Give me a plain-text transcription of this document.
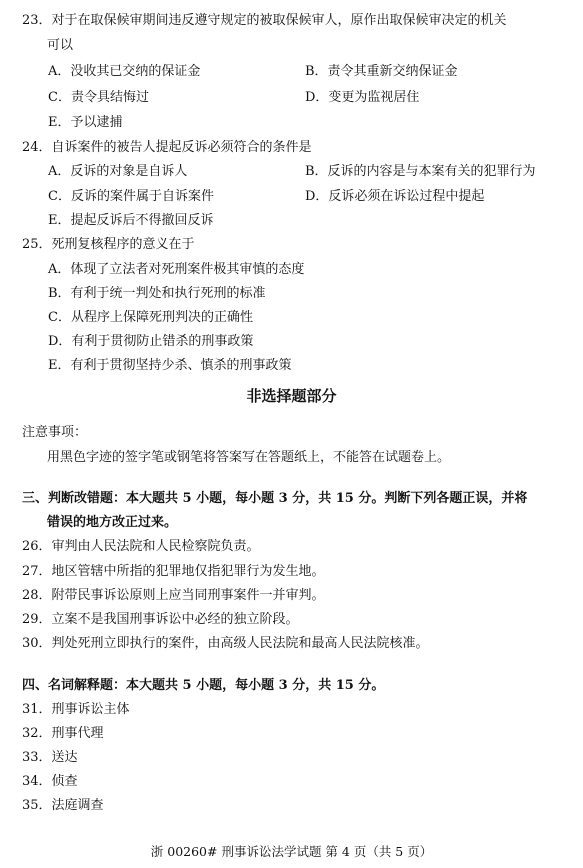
23．对于在取保候审期间违反遵守规定的被取保候审人，原作出取保候审决定的机关
可以
A．没收其已交纳的保证金	B．责令其重新交纳保证金
C．责令具结悔过	D．变更为监视居住
E．予以逮捕
24．自诉案件的被告人提起反诉必须符合的条件是
A．反诉的对象是自诉人	B．反诉的内容是与本案有关的犯罪行为
C．反诉的案件属于自诉案件	D．反诉必须在诉讼过程中提起
E．提起反诉后不得撤回反诉
25．死刑复核程序的意义在于
A．体现了立法者对死刑案件极其审慎的态度
B．有利于统一判处和执行死刑的标准
C．从程序上保障死刑判决的正确性
D．有利于贯彻防止错杀的刑事政策
E．有利于贯彻坚持少杀、慎杀的刑事政策
非选择题部分
注意事项：
用黑色字迹的签字笔或钢笔将答案写在答题纸上，不能答在试题卷上。
三、判断改错题：本大题共 5 小题，每小题 3 分，共 15 分。判断下列各题正误，并将
错误的地方改正过来。
26．审判由人民法院和人民检察院负责。
27．地区管辖中所指的犯罪地仅指犯罪行为发生地。
28．附带民事诉讼原则上应当同刑事案件一并审判。
29．立案不是我国刑事诉讼中必经的独立阶段。
30．判处死刑立即执行的案件，由高级人民法院和最高人民法院核准。
四、名词解释题：本大题共 5 小题，每小题 3 分，共 15 分。
31．刑事诉讼主体
32．刑事代理
33．送达
34．侦查
35．法庭调查
浙 00260# 刑事诉讼法学试题 第 4 页（共 5 页）
